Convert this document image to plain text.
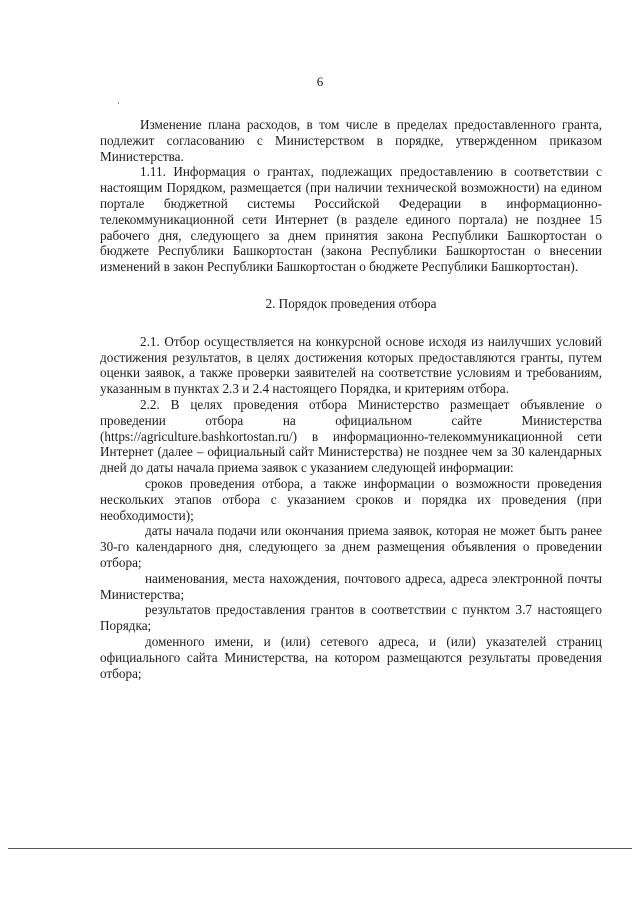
6

Изменение плана расходов, в том числе в пределах предоставленного гранта, подлежит согласованию с Министерством в порядке, утвержденном приказом Министерства.

1.11. Информация о грантах, подлежащих предоставлению в соответствии с настоящим Порядком, размещается (при наличии технической возможности) на едином портале бюджетной системы Российской Федерации в информационно-телекоммуникационной сети Интернет (в разделе единого портала) не позднее 15 рабочего дня, следующего за днем принятия закона Республики Башкортостан о бюджете Республики Башкортостан (закона Республики Башкортостан о внесении изменений в закон Республики Башкортостан о бюджете Республики Башкортостан).

2. Порядок проведения отбора

2.1. Отбор осуществляется на конкурсной основе исходя из наилучших условий достижения результатов, в целях достижения которых предоставляются гранты, путем оценки заявок, а также проверки заявителей на соответствие условиям и требованиям, указанным в пунктах 2.3 и 2.4 настоящего Порядка, и критериям отбора.

2.2. В целях проведения отбора Министерство размещает объявление о проведении отбора на официальном сайте Министерства (https://agriculture.bashkortostan.ru/) в информационно-телекоммуникационной сети Интернет (далее – официальный сайт Министерства) не позднее чем за 30 календарных дней до даты начала приема заявок с указанием следующей информации:

сроков проведения отбора, а также информации о возможности проведения нескольких этапов отбора с указанием сроков и порядка их проведения (при необходимости);

даты начала подачи или окончания приема заявок, которая не может быть ранее 30-го календарного дня, следующего за днем размещения объявления о проведении отбора;

наименования, места нахождения, почтового адреса, адреса электронной почты Министерства;

результатов предоставления грантов в соответствии с пунктом 3.7 настоящего Порядка;

доменного имени, и (или) сетевого адреса, и (или) указателей страниц официального сайта Министерства, на котором размещаются результаты проведения отбора;
